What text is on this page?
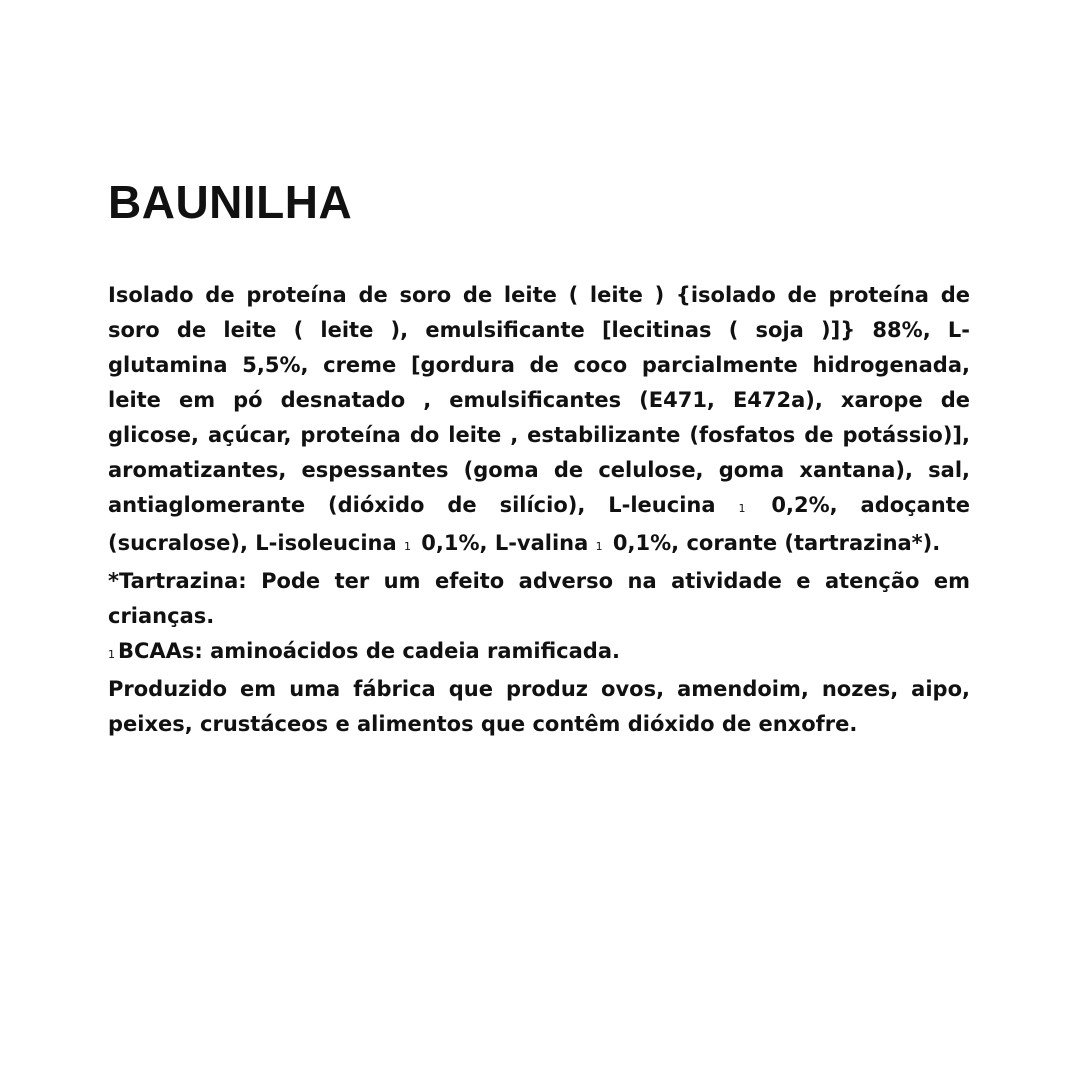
BAUNILHA

Isolado de proteína de soro de leite ( leite ) {isolado de proteína de soro de leite ( leite ), emulsificante [lecitinas ( soja )]} 88%, L-glutamina 5,5%, creme [gordura de coco parcialmente hidrogenada, leite em pó desnatado , emulsificantes (E471, E472a), xarope de glicose, açúcar, proteína do leite , estabilizante (fosfatos de potássio)], aromatizantes, espessantes (goma de celulose, goma xantana), sal, antiaglomerante (dióxido de silício), L-leucina 1 0,2%, adoçante (sucralose), L-isoleucina 1 0,1%, L-valina 1 0,1%, corante (tartrazina*).

*Tartrazina: Pode ter um efeito adverso na atividade e atenção em crianças.

1 BCAAs: aminoácidos de cadeia ramificada.

Produzido em uma fábrica que produz ovos, amendoim, nozes, aipo, peixes, crustáceos e alimentos que contêm dióxido de enxofre.
